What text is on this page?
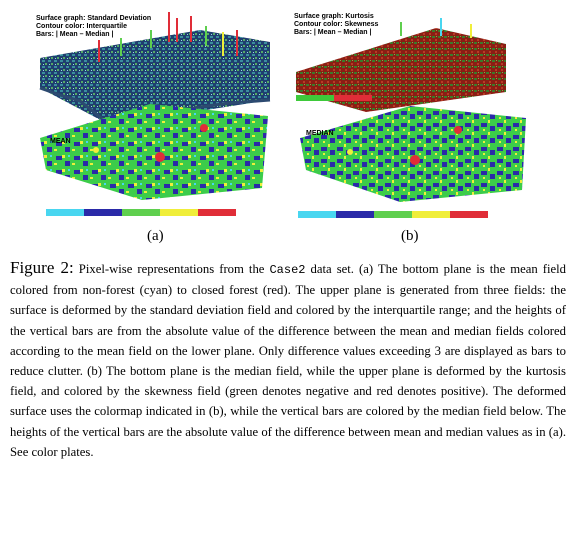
Surface graph: Standard Deviation
Contour color: Interquartile
Bars: | Mean – Median |
MEAN
Surface graph: Kurtosis
Contour color: Skewness
Bars: | Mean – Median |
MEDIAN
(a)	(b)
Figure 2: Pixel-wise representations from the Case2 data set. (a) The bottom plane is the mean field colored from non-forest (cyan) to closed forest (red). The upper plane is generated from three fields: the surface is deformed by the standard deviation field and colored by the interquartile range; and the heights of the vertical bars are from the absolute value of the difference between the mean and median fields colored according to the mean field on the lower plane. Only difference values exceeding 3 are displayed as bars to reduce clutter. (b) The bottom plane is the median field, while the upper plane is deformed by the kurtosis field, and colored by the skewness field (green denotes negative and red denotes positive). The deformed surface uses the colormap indicated in (b), while the vertical bars are colored by the median field below. The heights of the vertical bars are the absolute value of the difference between mean and median values as in (a). See color plates.
